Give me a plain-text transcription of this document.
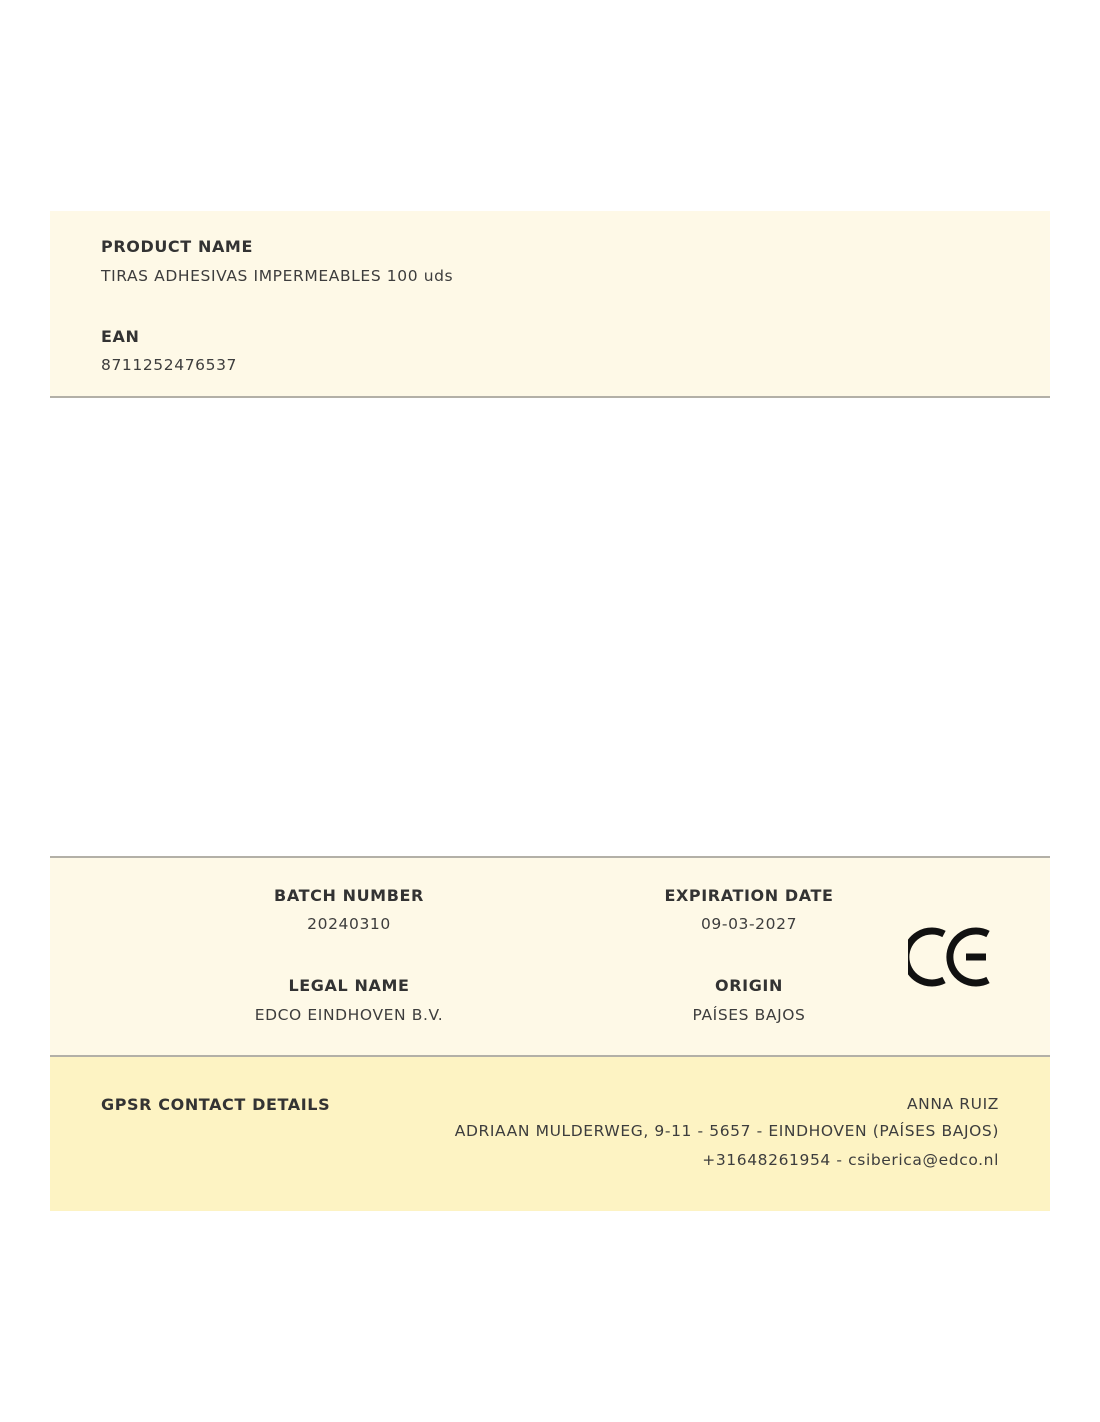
PRODUCT NAME
TIRAS ADHESIVAS IMPERMEABLES 100 uds
EAN
8711252476537
BATCH NUMBER
20240310
EXPIRATION DATE
09-03-2027
LEGAL NAME
EDCO EINDHOVEN B.V.
ORIGIN
PAÍSES BAJOS
GPSR CONTACT DETAILS	ANNA RUIZ
ADRIAAN MULDERWEG, 9-11 - 5657 - EINDHOVEN (PAÍSES BAJOS)
+31648261954 - csiberica@edco.nl
